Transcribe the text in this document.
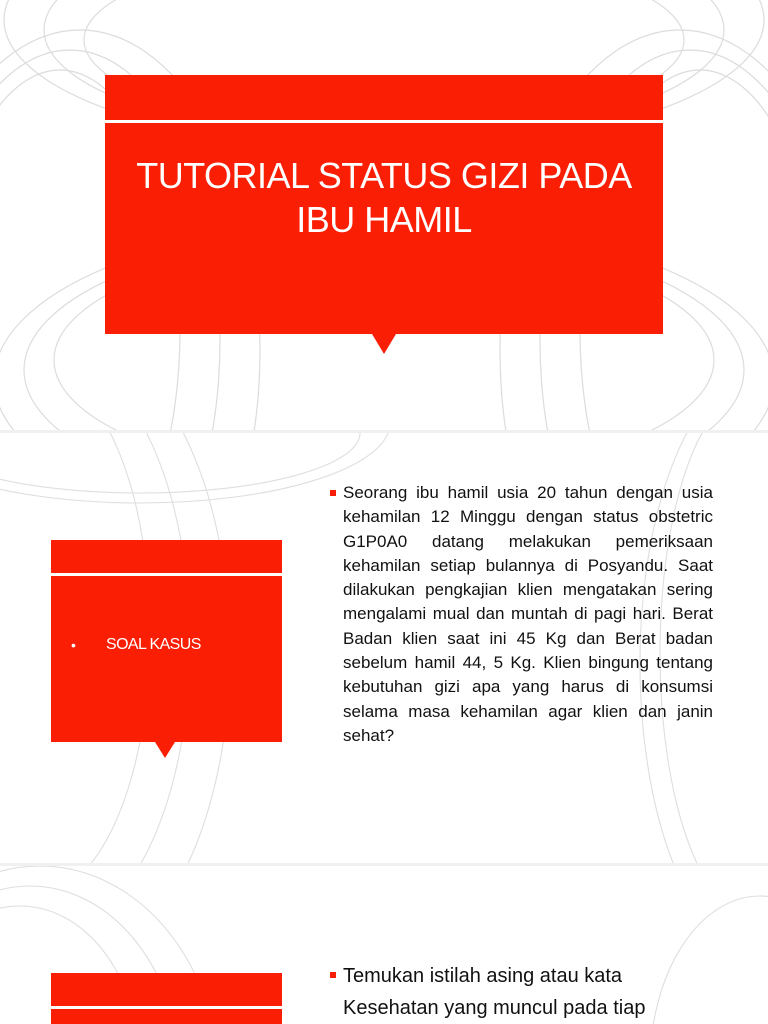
TUTORIAL STATUS GIZI PADA IBU HAMIL
• SOAL KASUS
Seorang ibu hamil usia 20 tahun dengan usia kehamilan 12 Minggu dengan status obstetric G1P0A0 datang melakukan pemeriksaan kehamilan setiap bulannya di Posyandu. Saat dilakukan pengkajian klien mengatakan sering mengalami mual dan muntah di pagi hari. Berat Badan klien saat ini 45 Kg dan Berat badan sebelum hamil 44, 5 Kg. Klien bingung tentang kebutuhan gizi apa yang harus di konsumsi selama masa kehamilan agar klien dan janin sehat?
Temukan istilah asing atau kata Kesehatan yang muncul pada tiap
